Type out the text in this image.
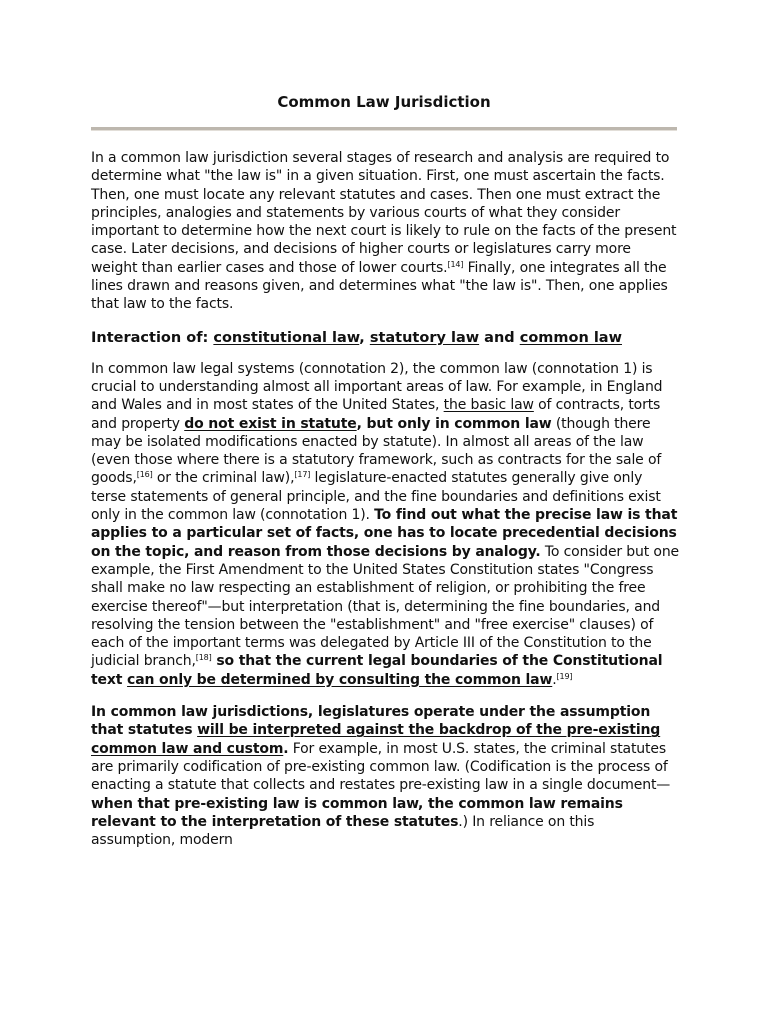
Common Law Jurisdiction

In a common law jurisdiction several stages of research and analysis are required to determine what "the law is" in a given situation. First, one must ascertain the facts. Then, one must locate any relevant statutes and cases. Then one must extract the principles, analogies and statements by various courts of what they consider important to determine how the next court is likely to rule on the facts of the present case. Later decisions, and decisions of higher courts or legislatures carry more weight than earlier cases and those of lower courts.[14] Finally, one integrates all the lines drawn and reasons given, and determines what "the law is". Then, one applies that law to the facts.

Interaction of: constitutional law, statutory law and common law

In common law legal systems (connotation 2), the common law (connotation 1) is crucial to understanding almost all important areas of law. For example, in England and Wales and in most states of the United States, the basic law of contracts, torts and property do not exist in statute, but only in common law (though there may be isolated modifications enacted by statute). In almost all areas of the law (even those where there is a statutory framework, such as contracts for the sale of goods,[16] or the criminal law),[17] legislature-enacted statutes generally give only terse statements of general principle, and the fine boundaries and definitions exist only in the common law (connotation 1). To find out what the precise law is that applies to a particular set of facts, one has to locate precedential decisions on the topic, and reason from those decisions by analogy. To consider but one example, the First Amendment to the United States Constitution states "Congress shall make no law respecting an establishment of religion, or prohibiting the free exercise thereof"—but interpretation (that is, determining the fine boundaries, and resolving the tension between the "establishment" and "free exercise" clauses) of each of the important terms was delegated by Article III of the Constitution to the judicial branch,[18] so that the current legal boundaries of the Constitutional text can only be determined by consulting the common law.[19]

In common law jurisdictions, legislatures operate under the assumption that statutes will be interpreted against the backdrop of the pre-existing common law and custom. For example, in most U.S. states, the criminal statutes are primarily codification of pre-existing common law. (Codification is the process of enacting a statute that collects and restates pre-existing law in a single document—when that pre-existing law is common law, the common law remains relevant to the interpretation of these statutes.) In reliance on this assumption, modern
